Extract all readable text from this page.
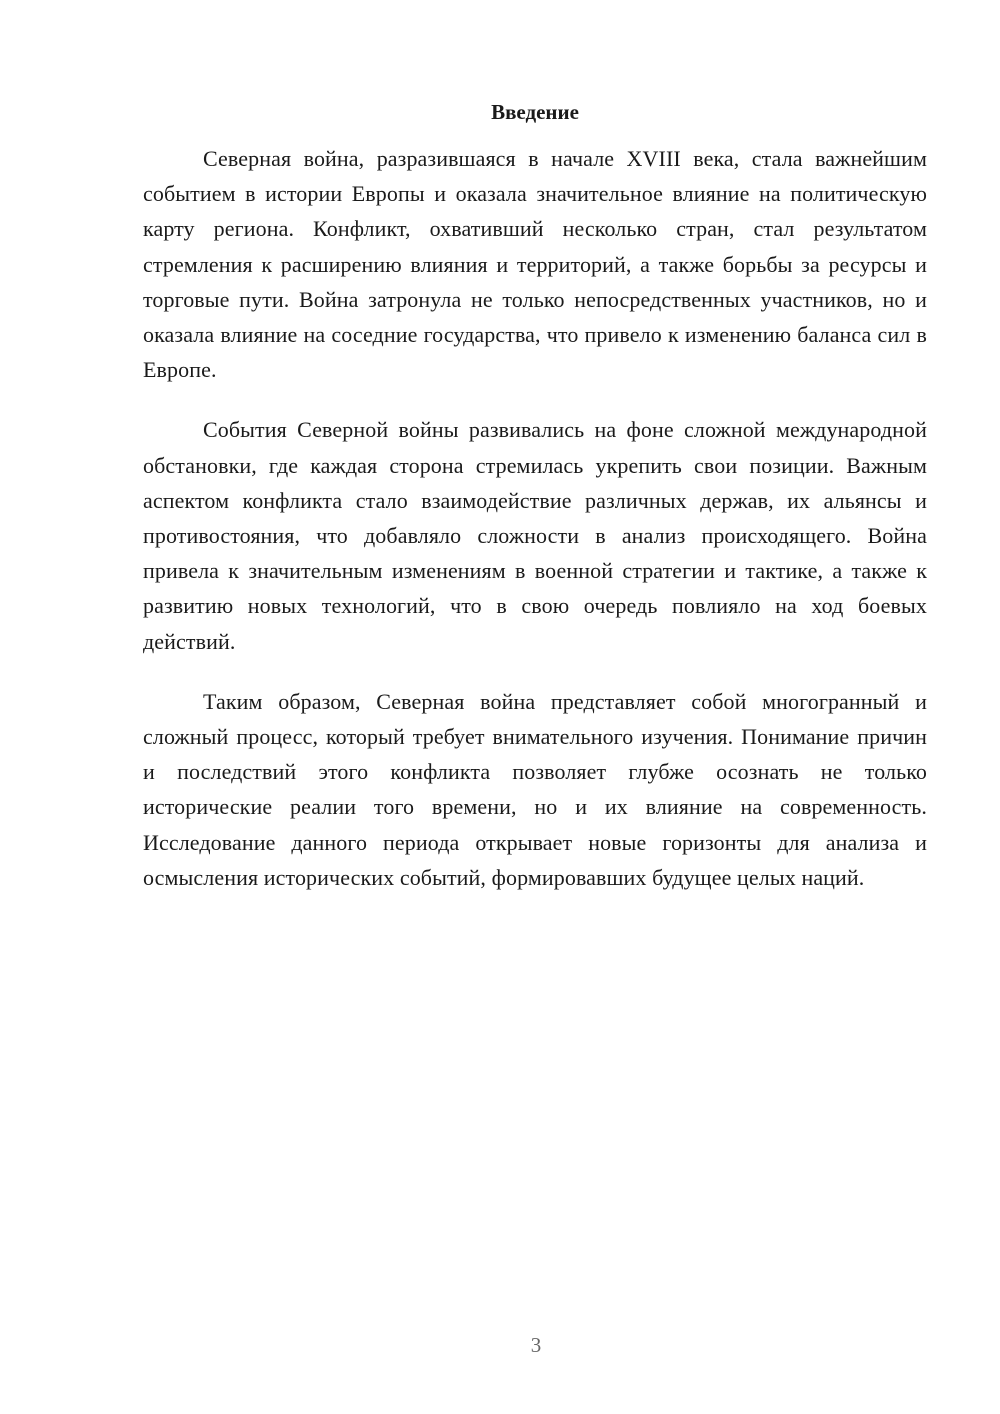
Введение

Северная война, разразившаяся в начале XVIII века, стала важнейшим событием в истории Европы и оказала значительное влияние на политическую карту региона. Конфликт, охвативший несколько стран, стал результатом стремления к расширению влияния и территорий, а также борьбы за ресурсы и торговые пути. Война затронула не только непосредственных участников, но и оказала влияние на соседние государства, что привело к изменению баланса сил в Европе.

События Северной войны развивались на фоне сложной международной обстановки, где каждая сторона стремилась укрепить свои позиции. Важным аспектом конфликта стало взаимодействие различных держав, их альянсы и противостояния, что добавляло сложности в анализ происходящего. Война привела к значительным изменениям в военной стратегии и тактике, а также к развитию новых технологий, что в свою очередь повлияло на ход боевых действий.

Таким образом, Северная война представляет собой многогранный и сложный процесс, который требует внимательного изучения. Понимание причин и последствий этого конфликта позволяет глубже осознать не только исторические реалии того времени, но и их влияние на современность. Исследование данного периода открывает новые горизонты для анализа и осмысления исторических событий, формировавших будущее целых наций.

3
